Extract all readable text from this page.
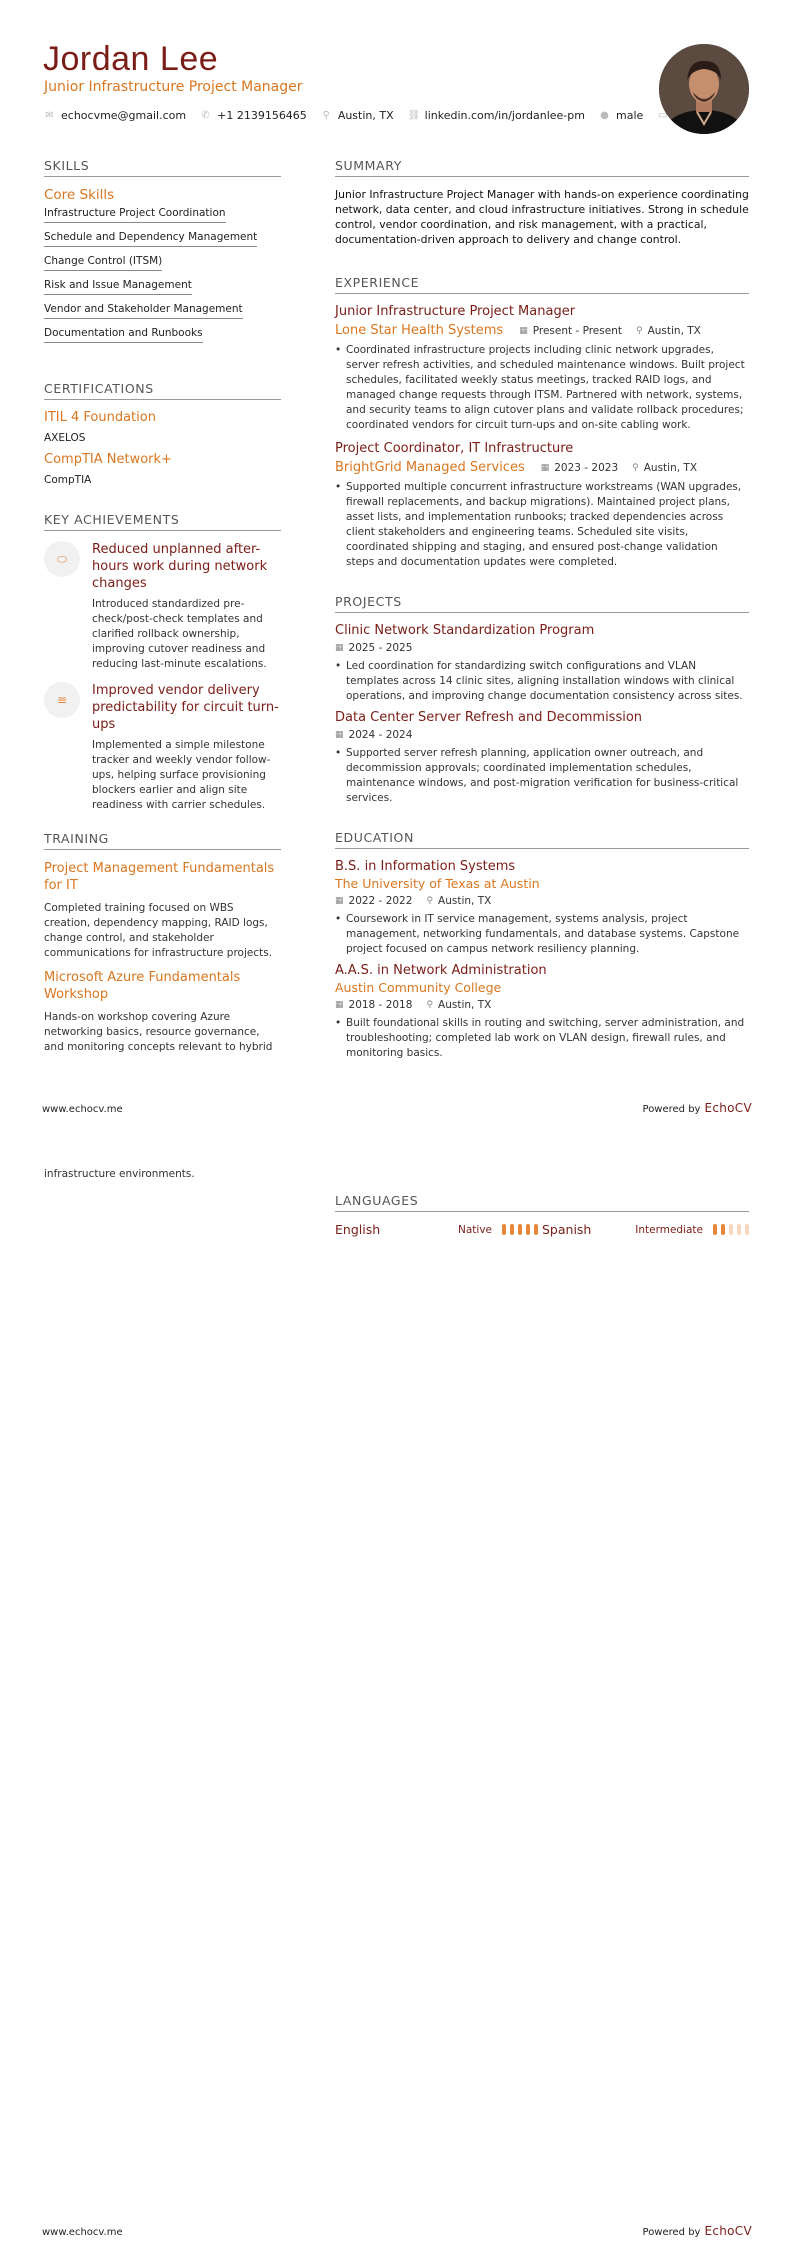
Jordan Lee
Junior Infrastructure Project Manager
✉ echocvme@gmail.com ✆ +1 2139156465 ⚲ Austin, TX ⛓ linkedin.com/in/jordanlee-pm ● male ▭
SKILLS
Core Skills
Infrastructure Project Coordination
Schedule and Dependency Management
Change Control (ITSM)
Risk and Issue Management
Vendor and Stakeholder Management
Documentation and Runbooks
CERTIFICATIONS
ITIL 4 Foundation
AXELOS
CompTIA Network+
CompTIA
KEY ACHIEVEMENTS
⬭
Reduced unplanned after-hours work during network changes
Introduced standardized pre-check/post-check templates and clarified rollback ownership, improving cutover readiness and reducing last-minute escalations.
≡
Improved vendor delivery predictability for circuit turn-ups
Implemented a simple milestone tracker and weekly vendor follow-ups, helping surface provisioning blockers earlier and align site readiness with carrier schedules.
TRAINING
Project Management Fundamentals for IT
Completed training focused on WBS creation, dependency mapping, RAID logs, change control, and stakeholder communications for infrastructure projects.
Microsoft Azure Fundamentals Workshop
Hands-on workshop covering Azure networking basics, resource governance, and monitoring concepts relevant to hybrid
SUMMARY
Junior Infrastructure Project Manager with hands-on experience coordinating network, data center, and cloud infrastructure initiatives. Strong in schedule control, vendor coordination, and risk management, with a practical, documentation-driven approach to delivery and change control.
EXPERIENCE
Junior Infrastructure Project Manager
Lone Star Health Systems ▦ Present - Present ⚲ Austin, TX
• Coordinated infrastructure projects including clinic network upgrades, server refresh activities, and scheduled maintenance windows. Built project schedules, facilitated weekly status meetings, tracked RAID logs, and managed change requests through ITSM. Partnered with network, systems, and security teams to align cutover plans and validate rollback procedures; coordinated vendors for circuit turn-ups and on-site cabling work.
Project Coordinator, IT Infrastructure
BrightGrid Managed Services ▦ 2023 - 2023 ⚲ Austin, TX
• Supported multiple concurrent infrastructure workstreams (WAN upgrades, firewall replacements, and backup migrations). Maintained project plans, asset lists, and implementation runbooks; tracked dependencies across client stakeholders and engineering teams. Scheduled site visits, coordinated shipping and staging, and ensured post-change validation steps and documentation updates were completed.
PROJECTS
Clinic Network Standardization Program
▦ 2025 - 2025
• Led coordination for standardizing switch configurations and VLAN templates across 14 clinic sites, aligning installation windows with clinical operations, and improving change documentation consistency across sites.
Data Center Server Refresh and Decommission
▦ 2024 - 2024
• Supported server refresh planning, application owner outreach, and decommission approvals; coordinated implementation schedules, maintenance windows, and post-migration verification for business-critical services.
EDUCATION
B.S. in Information Systems
The University of Texas at Austin
▦ 2022 - 2022 ⚲ Austin, TX
• Coursework in IT service management, systems analysis, project management, networking fundamentals, and database systems. Capstone project focused on campus network resiliency planning.
A.A.S. in Network Administration
Austin Community College
▦ 2018 - 2018 ⚲ Austin, TX
• Built foundational skills in routing and switching, server administration, and troubleshooting; completed lab work on VLAN design, firewall rules, and monitoring basics.
www.echocv.me	Powered by EchoCV
infrastructure environments.
LANGUAGES
English	Native	Spanish	Intermediate
www.echocv.me	Powered by EchoCV
